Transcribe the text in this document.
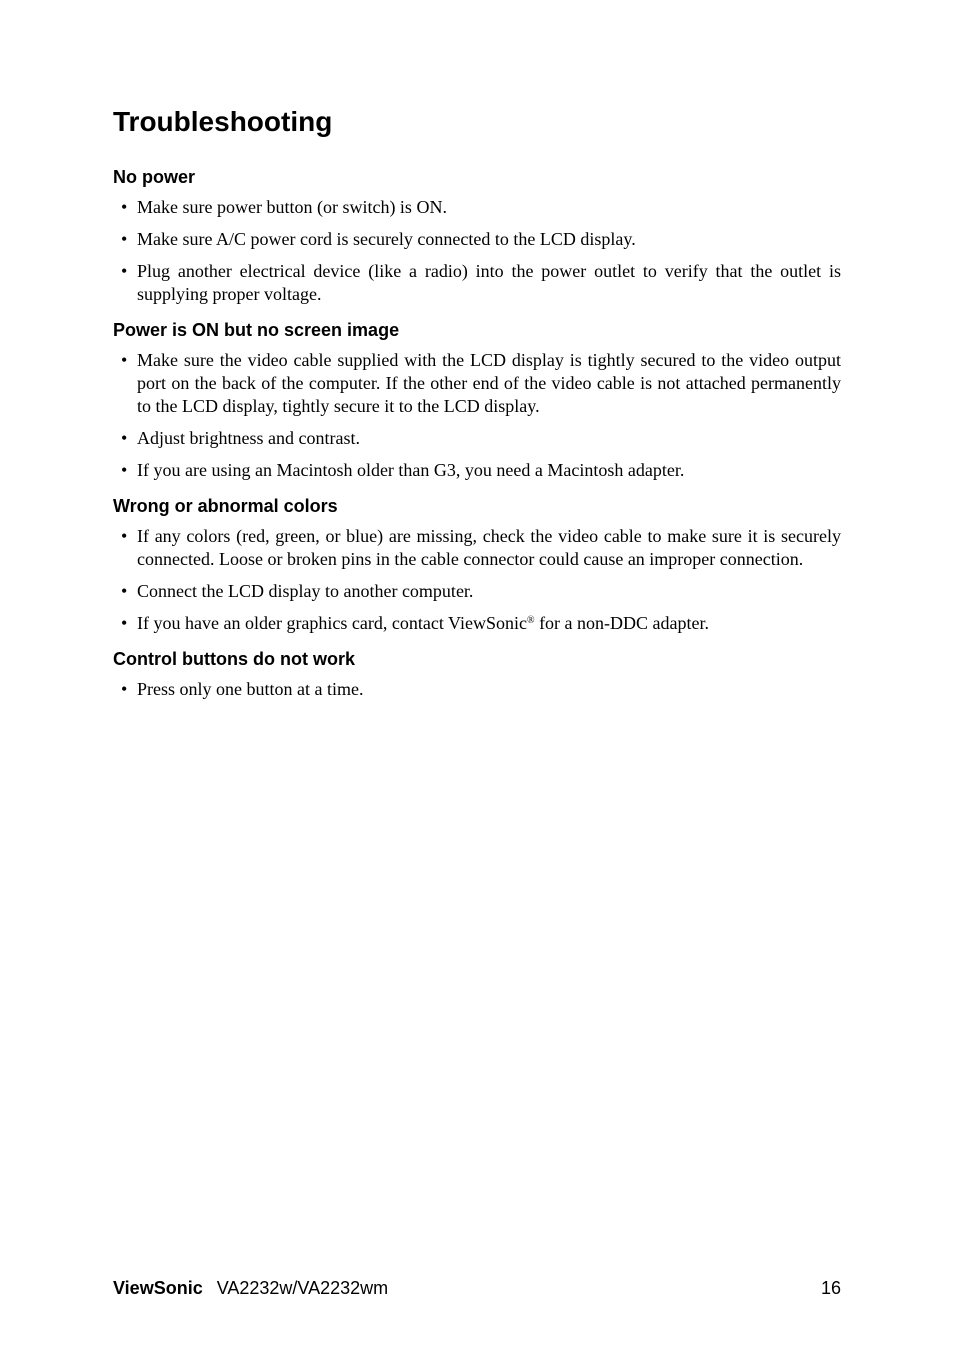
Troubleshooting
No power
• Make sure power button (or switch) is ON.
• Make sure A/C power cord is securely connected to the LCD display.
• Plug another electrical device (like a radio) into the power outlet to verify that the outlet is supplying proper voltage.
Power is ON but no screen image
• Make sure the video cable supplied with the LCD display is tightly secured to the video output port on the back of the computer. If the other end of the video cable is not attached permanently to the LCD display, tightly secure it to the LCD display.
• Adjust brightness and contrast.
• If you are using an Macintosh older than G3, you need a Macintosh adapter.
Wrong or abnormal colors
• If any colors (red, green, or blue) are missing, check the video cable to make sure it is securely connected. Loose or broken pins in the cable connector could cause an improper connection.
• Connect the LCD display to another computer.
• If you have an older graphics card, contact ViewSonic® for a non-DDC adapter.
Control buttons do not work
• Press only one button at a time.
ViewSonic VA2232w/VA2232wm	16
